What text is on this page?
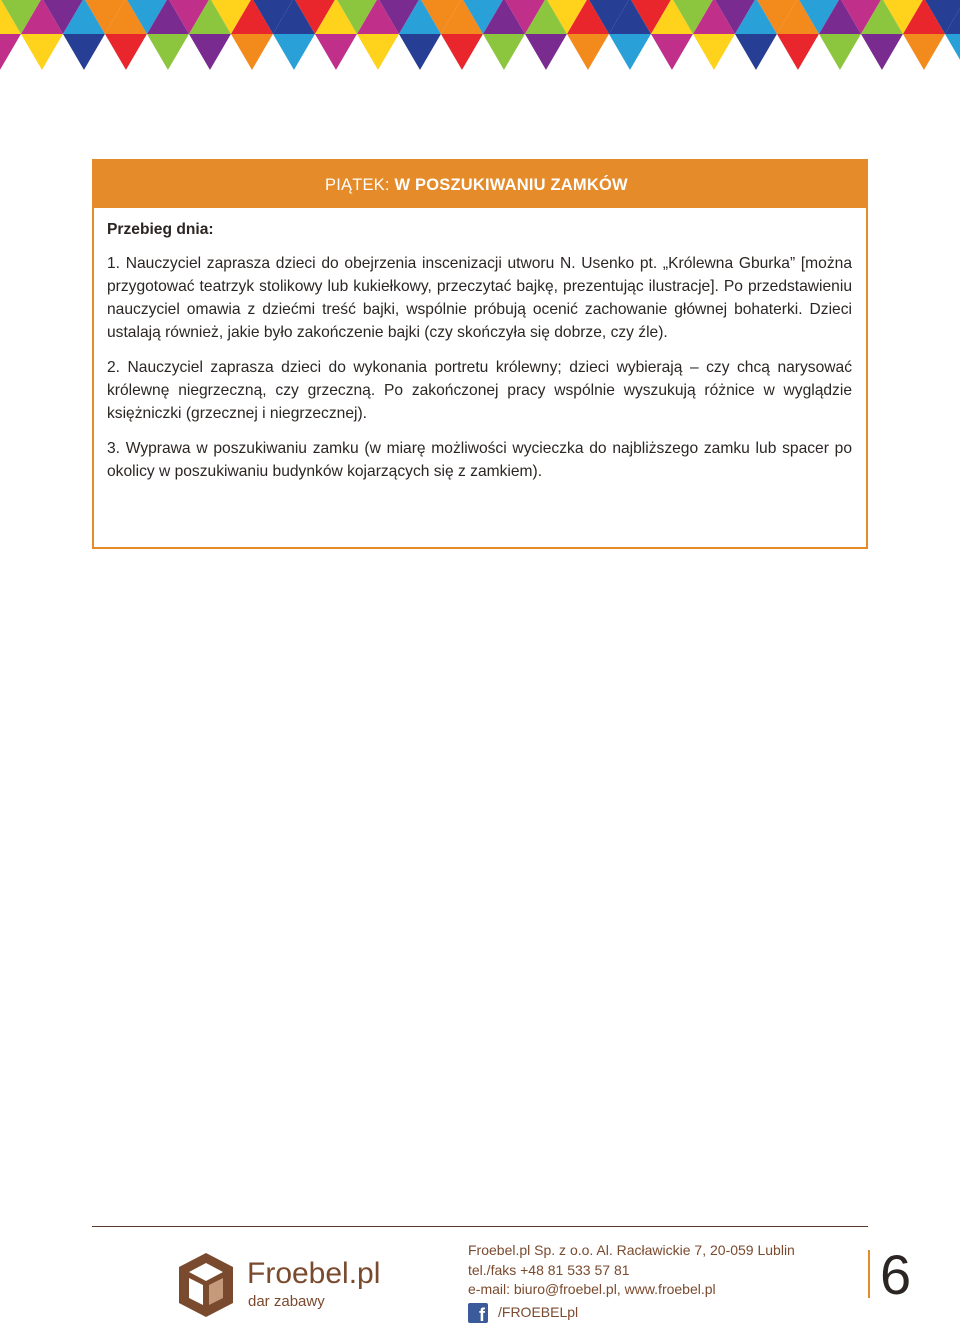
PIĄTEK: W POSZUKIWANIU ZAMKÓW
Przebieg dnia:

1. Nauczyciel zaprasza dzieci do obejrzenia inscenizacji utworu N. Usenko pt. „Królewna Gburka” [można przygotować teatrzyk stolikowy lub kukiełkowy, przeczytać bajkę, prezentując ilustracje]. Po przedstawieniu nauczyciel omawia z dziećmi treść bajki, wspólnie próbują ocenić zachowanie głównej bohaterki. Dzieci ustalają również, jakie było zakończenie bajki (czy skończyła się dobrze, czy źle).

2. Nauczyciel zaprasza dzieci do wykonania portretu królewny; dzieci wybierają – czy chcą narysować królewnę niegrzeczną, czy grzeczną. Po zakończonej pracy wspólnie wyszukują różnice w wyglądzie księżniczki (grzecznej i niegrzecznej).

3. Wyprawa w poszukiwaniu zamku (w miarę możliwości wycieczka do najbliższego zamku lub spacer po okolicy w poszukiwaniu budynków kojarzących się z zamkiem).

Froebel.pl
dar zabawy
Froebel.pl Sp. z o.o. Al. Racławickie 7, 20-059 Lublin
tel./faks +48 81 533 57 81
e-mail: biuro@froebel.pl, www.froebel.pl
f /FROEBELpl
6
